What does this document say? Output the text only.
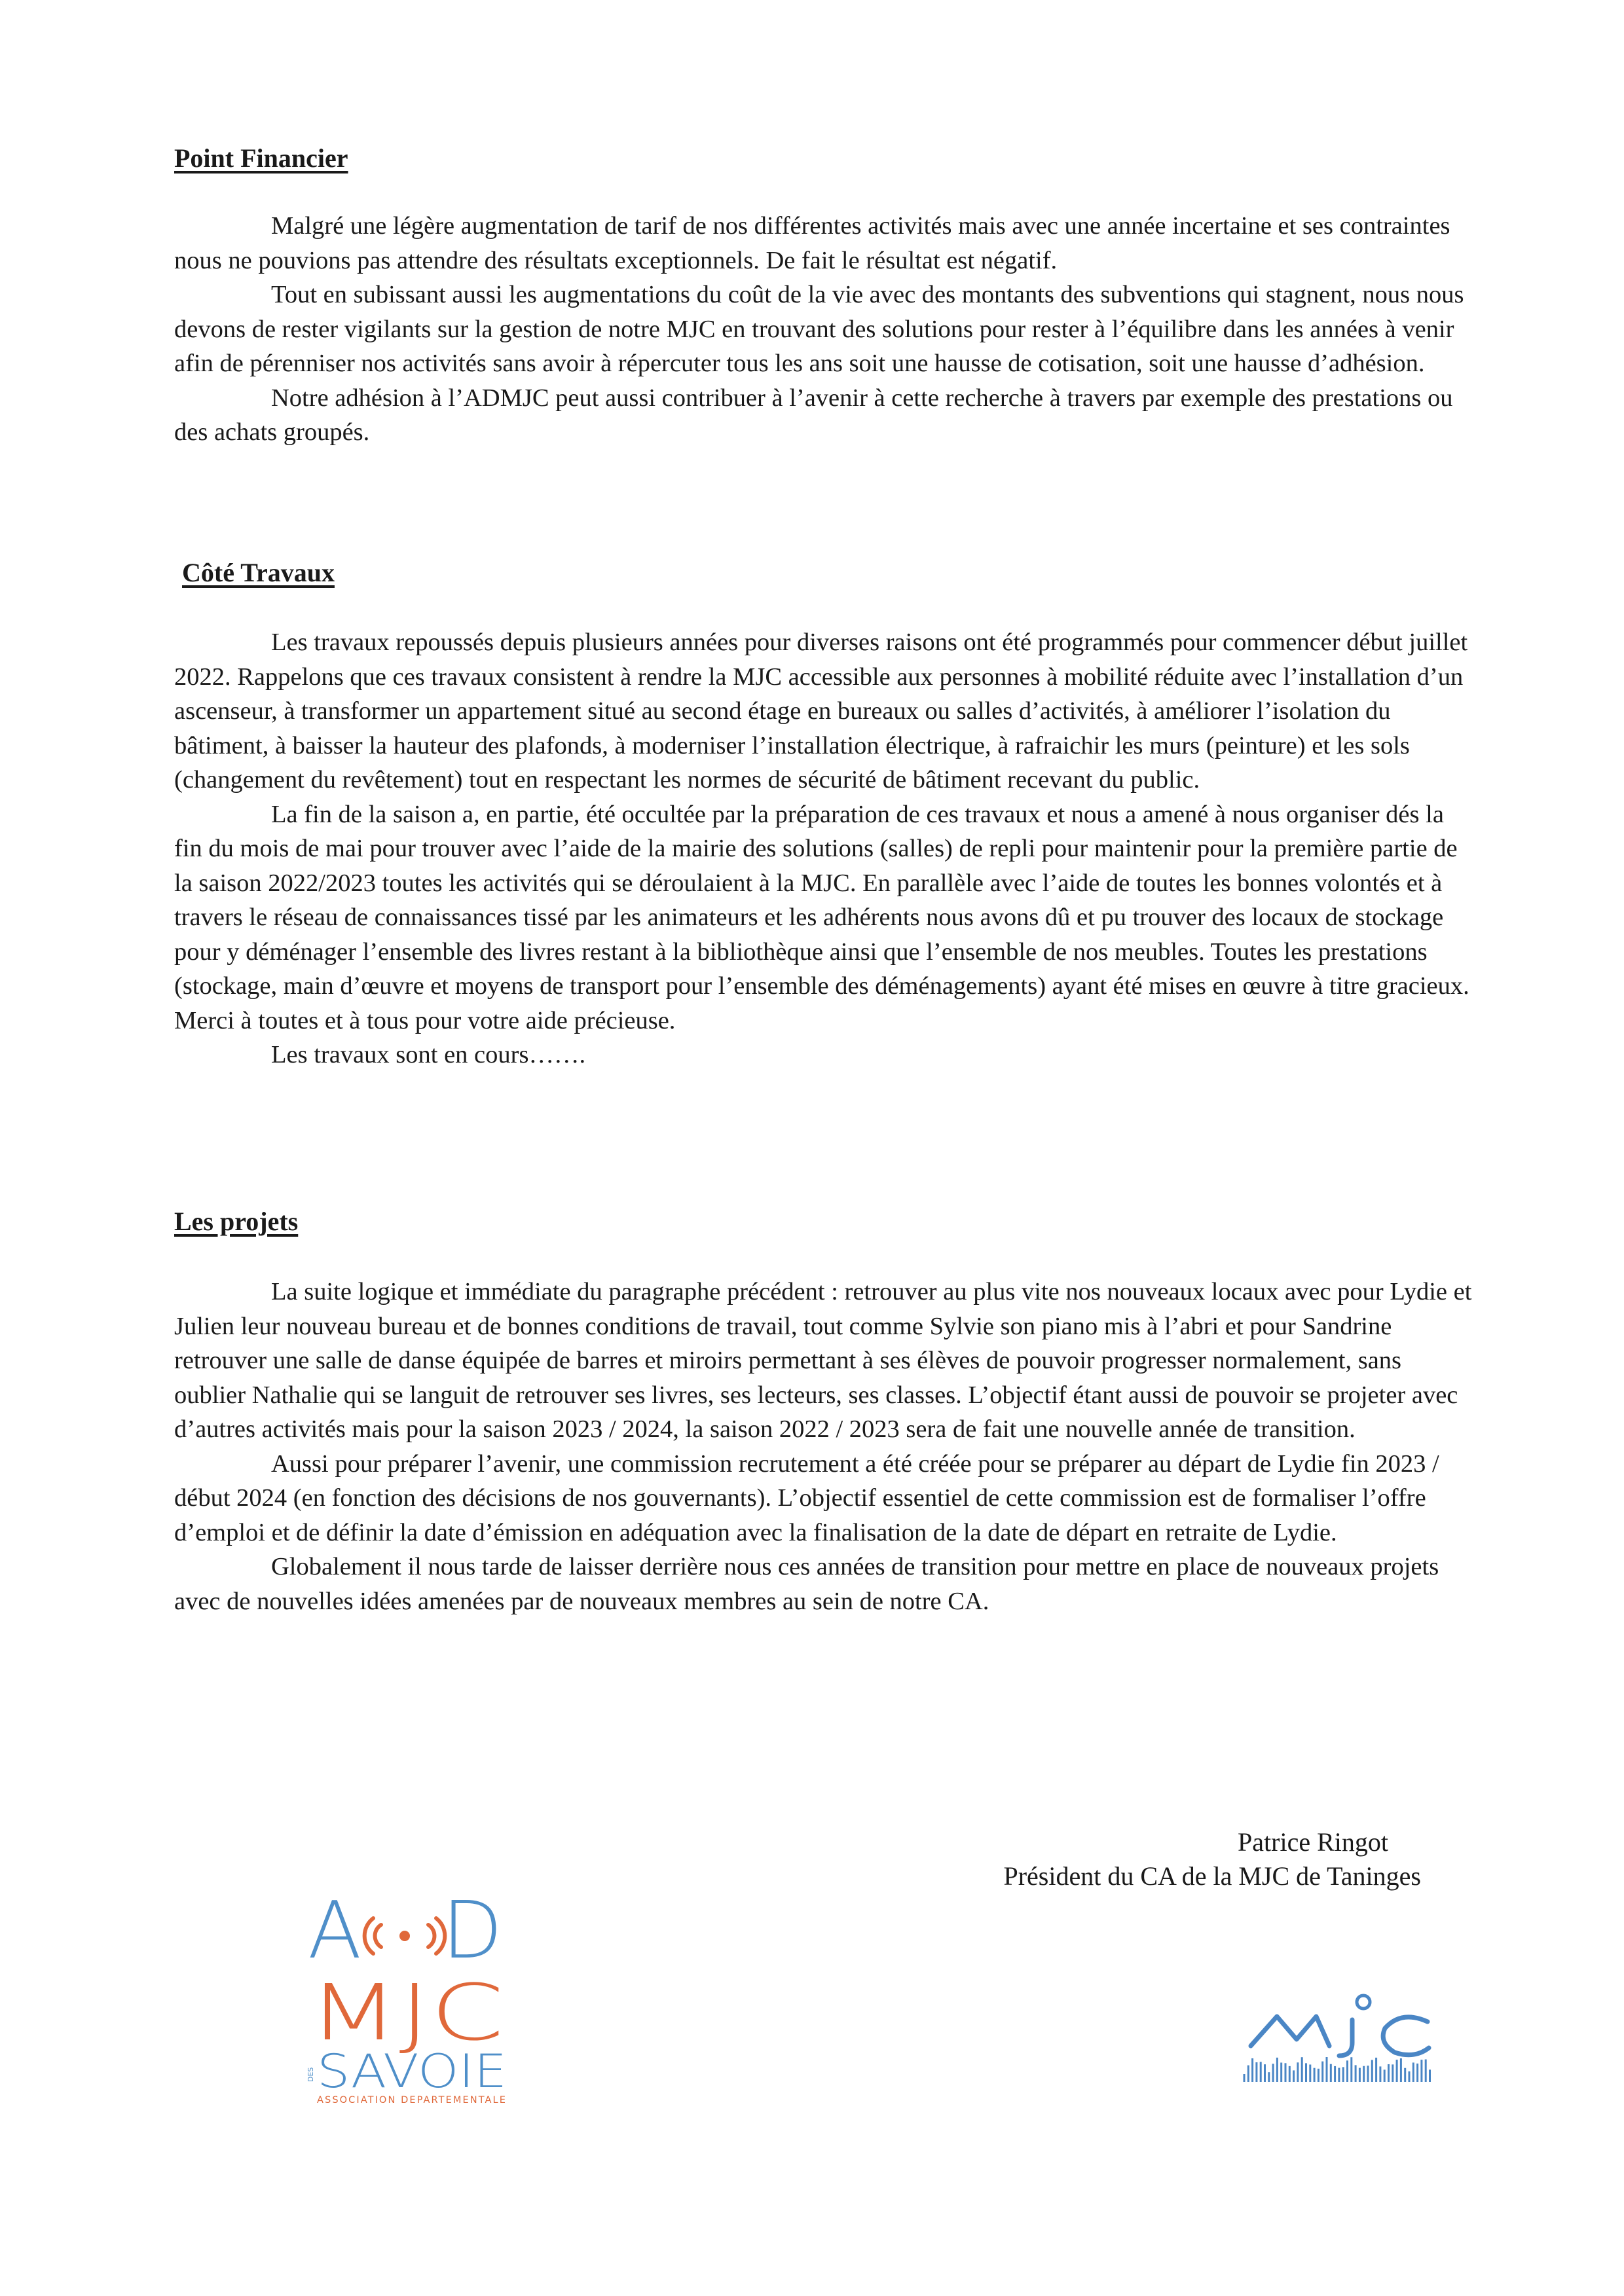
Point Financier

Malgré une légère augmentation de tarif de nos différentes activités mais avec une année incertaine et ses contraintes nous ne pouvions pas attendre des résultats exceptionnels. De fait le résultat est négatif.

Tout en subissant aussi les augmentations du coût de la vie avec des montants des subventions qui stagnent, nous nous devons de rester vigilants sur la gestion de notre MJC en trouvant des solutions pour rester à l’équilibre dans les années à venir afin de pérenniser nos activités sans avoir à répercuter tous les ans soit une hausse de cotisation, soit une hausse d’adhésion.

Notre adhésion à l’ADMJC peut aussi contribuer à l’avenir à cette recherche à travers par exemple des prestations ou des achats groupés.

Côté Travaux

Les travaux repoussés depuis plusieurs années pour diverses raisons ont été programmés pour commencer début juillet 2022. Rappelons que ces travaux consistent à rendre la MJC accessible aux personnes à mobilité réduite avec l’installation d’un ascenseur, à transformer un appartement situé au second étage en bureaux ou salles d’activités, à améliorer l’isolation du bâtiment, à baisser la hauteur des plafonds, à moderniser l’installation électrique, à rafraichir les murs (peinture) et les sols (changement du revêtement) tout en respectant les normes de sécurité de bâtiment recevant du public.

La fin de la saison a, en partie, été occultée par la préparation de ces travaux et nous a amené à nous organiser dés la fin du mois de mai pour trouver avec l’aide de la mairie des solutions (salles) de repli pour maintenir pour la première partie de la saison 2022/2023 toutes les activités qui se déroulaient à la MJC. En parallèle avec l’aide de toutes les bonnes volontés et à travers le réseau de connaissances tissé par les animateurs et les adhérents nous avons dû et pu trouver des locaux de stockage pour y déménager l’ensemble des livres restant à la bibliothèque ainsi que l’ensemble de nos meubles. Toutes les prestations (stockage, main d’œuvre et moyens de transport pour l’ensemble des déménagements) ayant été mises en œuvre à titre gracieux. Merci à toutes et à tous pour votre aide précieuse.

Les travaux sont en cours…….

Les projets

La suite logique et immédiate du paragraphe précédent : retrouver au plus vite nos nouveaux locaux avec pour Lydie et Julien leur nouveau bureau et de bonnes conditions de travail, tout comme Sylvie son piano mis à l’abri et pour Sandrine retrouver une salle de danse équipée de barres et miroirs permettant à ses élèves de pouvoir progresser normalement, sans oublier Nathalie qui se languit de retrouver ses livres, ses lecteurs, ses classes. L’objectif étant aussi de pouvoir se projeter avec d’autres activités mais pour la saison 2023 / 2024, la saison 2022 / 2023 sera de fait une nouvelle année de transition.

Aussi pour préparer l’avenir, une commission recrutement a été créée pour se préparer au départ de Lydie fin 2023 / début 2024 (en fonction des décisions de nos gouvernants). L’objectif essentiel de cette commission est de formaliser l’offre d’emploi et de définir la date d’émission en adéquation avec la finalisation de la date de départ en retraite de Lydie.

Globalement il nous tarde de laisser derrière nous ces années de transition pour mettre en place de nouveaux projets avec de nouvelles idées amenées par de nouveaux membres au sein de notre CA.

Patrice Ringot
Président du CA de la MJC de Taninges
A D
MJC
DES SAVOIE
ASSOCIATION DEPARTEMENTALE
